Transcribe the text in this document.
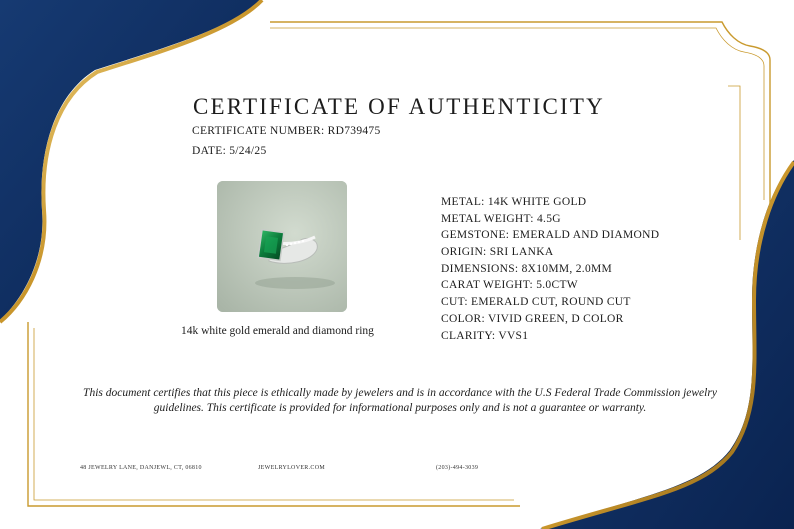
CERTIFICATE OF AUTHENTICITY
CERTIFICATE NUMBER: RD739475
DATE: 5/24/25
14k white gold emerald and diamond ring
METAL: 14K WHITE GOLD
METAL WEIGHT: 4.5G
GEMSTONE: EMERALD AND DIAMOND
ORIGIN: SRI LANKA
DIMENSIONS: 8X10MM, 2.0MM
CARAT WEIGHT: 5.0CTW
CUT: EMERALD CUT, ROUND CUT
COLOR: VIVID GREEN, D COLOR
CLARITY: VVS1
This document certifies that this piece is ethically made by jewelers and is in accordance with the U.S Federal Trade Commission jewelry guidelines. This certificate is provided for informational purposes only and is not a guarantee or warranty.
48 JEWELRY LANE, DANJEWL, CT, 06810	JEWELRYLOVER.COM	(203)-494-3039
